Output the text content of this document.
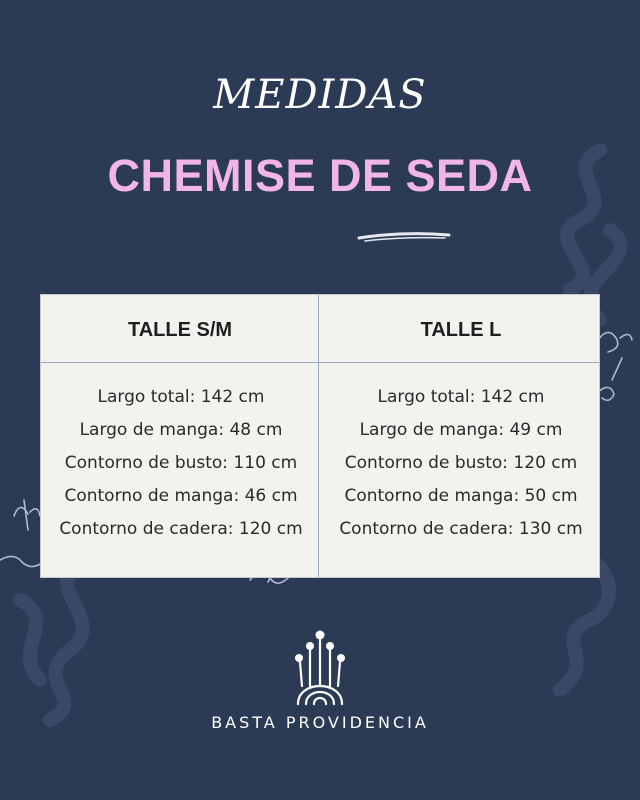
MEDIDAS
CHEMISE DE SEDA
TALLE S/M
Largo total: 142 cm
Largo de manga: 48 cm
Contorno de busto: 110 cm
Contorno de manga: 46 cm
Contorno de cadera: 120 cm
TALLE L
Largo total: 142 cm
Largo de manga: 49 cm
Contorno de busto: 120 cm
Contorno de manga: 50 cm
Contorno de cadera: 130 cm
BASTA PROVIDENCIA
